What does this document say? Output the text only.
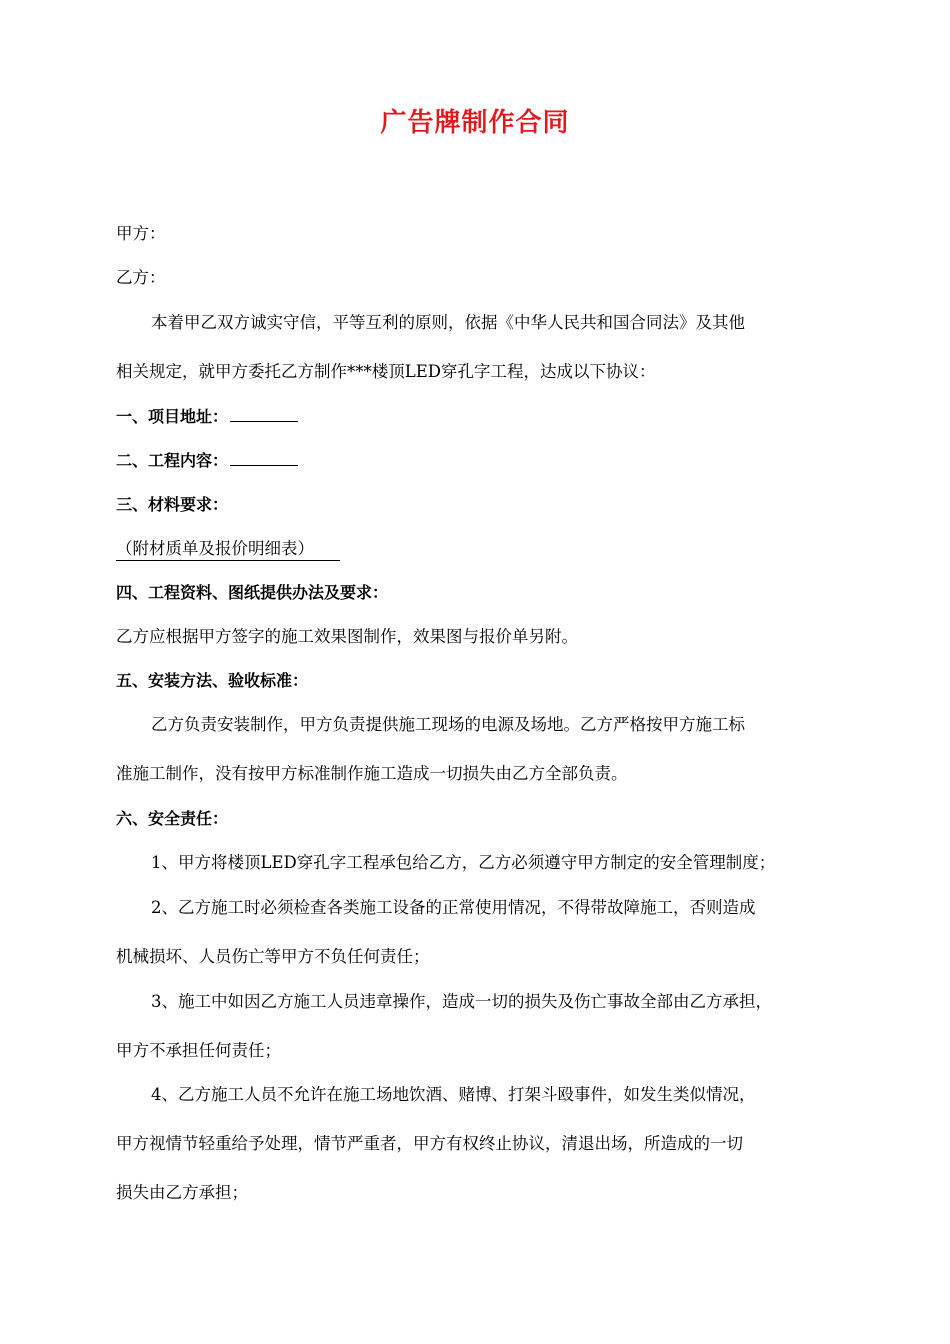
广告牌制作合同
甲方：
乙方：
本着甲乙双方诚实守信，平等互利的原则，依据《中华人民共和国合同法》及其他
相关规定，就甲方委托乙方制作***楼顶LED穿孔字工程，达成以下协议：
一、项目地址：
二、工程内容：
三、材料要求：
（附材质单及报价明细表）
四、工程资料、图纸提供办法及要求：
乙方应根据甲方签字的施工效果图制作，效果图与报价单另附。
五、安装方法、验收标准：
乙方负责安装制作，甲方负责提供施工现场的电源及场地。乙方严格按甲方施工标
准施工制作，没有按甲方标准制作施工造成一切损失由乙方全部负责。
六、安全责任：
1、甲方将楼顶LED穿孔字工程承包给乙方，乙方必须遵守甲方制定的安全管理制度；
2、乙方施工时必须检查各类施工设备的正常使用情况，不得带故障施工，否则造成
机械损坏、人员伤亡等甲方不负任何责任；
3、施工中如因乙方施工人员违章操作，造成一切的损失及伤亡事故全部由乙方承担，
甲方不承担任何责任；
4、乙方施工人员不允许在施工场地饮酒、赌博、打架斗殴事件，如发生类似情况，
甲方视情节轻重给予处理，情节严重者，甲方有权终止协议，清退出场，所造成的一切
损失由乙方承担；
